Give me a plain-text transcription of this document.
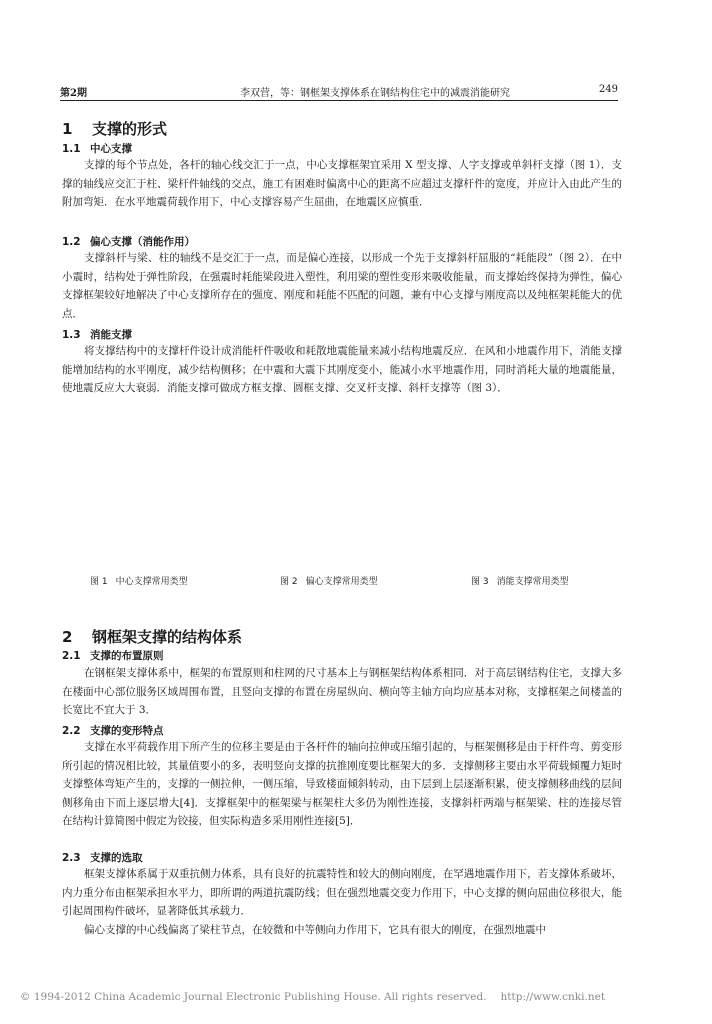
第2期	李双营，等：钢框架支撑体系在钢结构住宅中的减震消能研究	249
1 支撑的形式
1.1 中心支撑

支撑的每个节点处，各杆的轴心线交汇于一点，中心支撑框架宜采用 X 型支撑、人字支撑或单斜杆支撑（图 1）．支撑的轴线应交汇于柱、梁杆件轴线的交点，施工有困难时偏离中心的距离不应超过支撑杆件的宽度，并应计入由此产生的附加弯矩．在水平地震荷载作用下，中心支撑容易产生屈曲，在地震区应慎重．

1.2 偏心支撑（消能作用）

支撑斜杆与梁、柱的轴线不是交汇于一点，而是偏心连接，以形成一个先于支撑斜杆屈服的“耗能段”（图 2）．在中小震时，结构处于弹性阶段，在强震时耗能梁段进入塑性，利用梁的塑性变形来吸收能量，而支撑始终保持为弹性，偏心支撑框架较好地解决了中心支撑所存在的强度、刚度和耗能不匹配的问题，兼有中心支撑与刚度高以及纯框架耗能大的优点．

1.3 消能支撑

将支撑结构中的支撑杆件设计成消能杆件吸收和耗散地震能量来减小结构地震反应．在风和小地震作用下，消能支撑能增加结构的水平刚度，减少结构侧移；在中震和大震下其刚度变小，能减小水平地震作用，同时消耗大量的地震能量，使地震反应大大衰弱．消能支撑可做成方框支撑、圆框支撑、交叉杆支撑、斜杆支撑等（图 3）．

图 1 中心支撑常用类型	图 2 偏心支撑常用类型	图 3 消能支撑常用类型
2 钢框架支撑的结构体系
2.1 支撑的布置原则

在钢框架支撑体系中，框架的布置原则和柱网的尺寸基本上与钢框架结构体系相同．对于高层钢结构住宅，支撑大多在楼面中心部位服务区域周围布置，且竖向支撑的布置在房屋纵向、横向等主轴方向均应基本对称，支撑框架之间楼盖的长宽比不宜大于 3．

2.2 支撑的变形特点

支撑在水平荷载作用下所产生的位移主要是由于各杆件的轴向拉伸或压缩引起的，与框架侧移是由于杆件弯、剪变形所引起的情况相比较，其量值要小的多，表明竖向支撑的抗推刚度要比框架大的多．支撑侧移主要由水平荷载倾覆力矩时支撑整体弯矩产生的，支撑的一侧拉伸，一侧压缩，导致楼面倾斜转动，由下层到上层逐渐积累，使支撑侧移曲线的层间侧移角由下而上逐层增大[4]．支撑框架中的框架梁与框架柱大多仍为刚性连接，支撑斜杆两端与框架梁、柱的连接尽管在结构计算简图中假定为铰接，但实际构造多采用刚性连接[5]．

2.3 支撑的选取

框架支撑体系属于双重抗侧力体系，具有良好的抗震特性和较大的侧向刚度，在罕遇地震作用下，若支撑体系破坏，内力重分布由框架承担水平力，即所谓的两道抗震防线；但在强烈地震交变力作用下，中心支撑的侧向屈曲位移很大，能引起周围构件破坏，显著降低其承载力．

偏心支撑的中心线偏离了梁柱节点，在较微和中等侧向力作用下，它具有很大的刚度，在强烈地震中

© 1994-2012 China Academic Journal Electronic Publishing House. All rights reserved. http://www.cnki.net
